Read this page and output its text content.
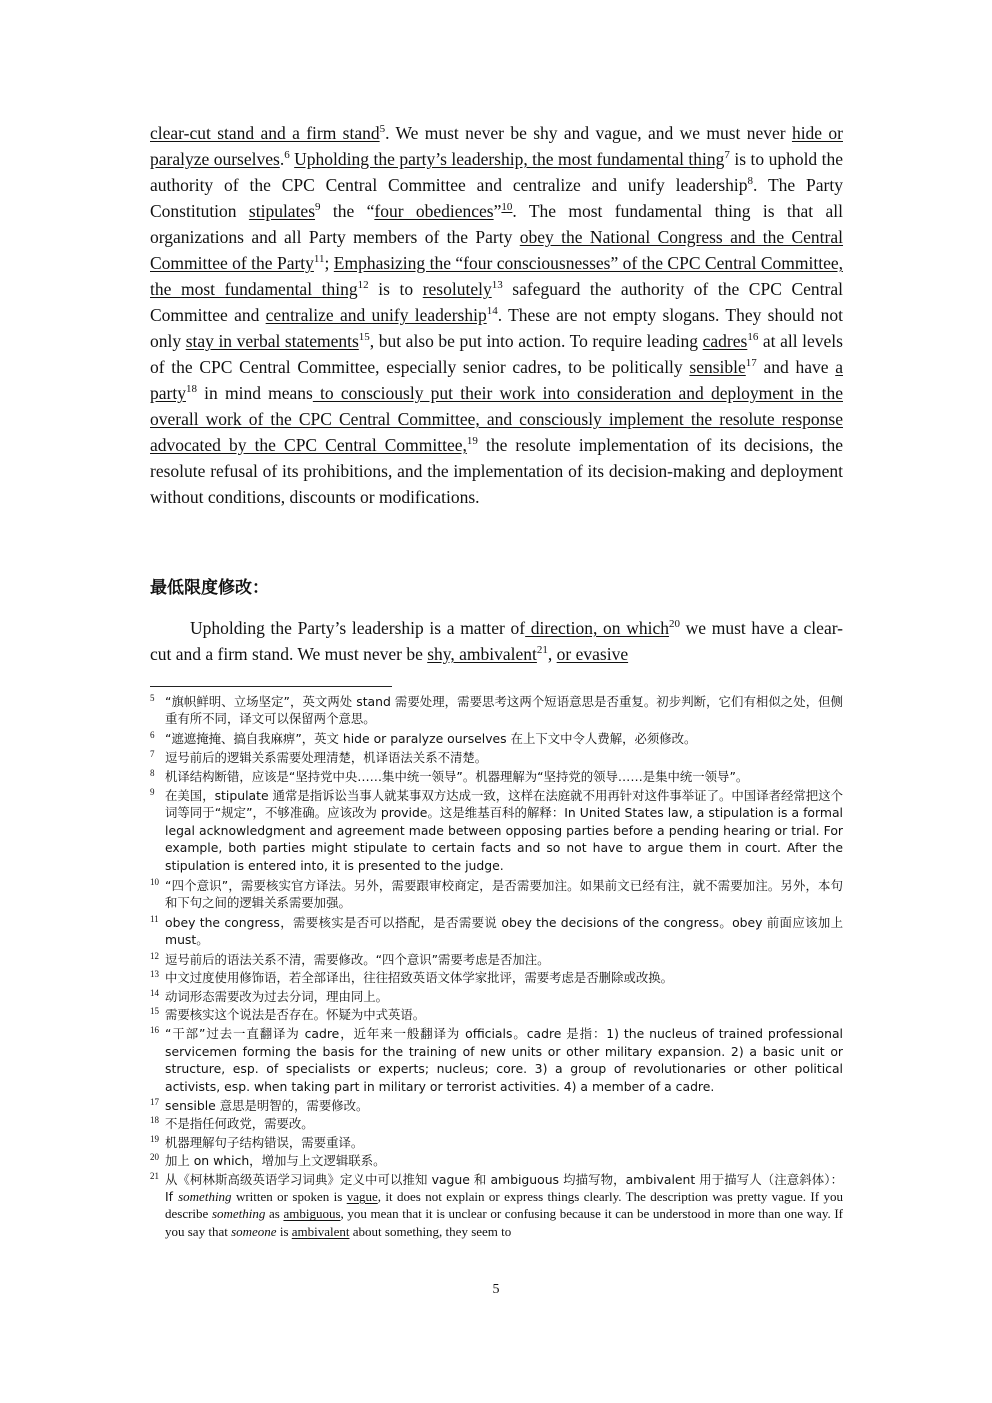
clear-cut stand and a firm stand$^5$. We must never be shy and vague, and we must never hide or paralyze ourselves.$^6$ Upholding the party’s leadership, the most fundamental thing$^7$ is to uphold the authority of the CPC Central Committee and centralize and unify leadership$^8$. The Party Constitution stipulates$^9$ the “four obediences”$^{10}$. The most fundamental thing is that all organizations and all Party members of the Party obey the National Congress and the Central Committee of the Party$^{11}$; Emphasizing the “four consciousnesses” of the CPC Central Committee, the most fundamental thing$^{12}$ is to resolutely$^{13}$ safeguard the authority of the CPC Central Committee and centralize and unify leadership$^{14}$. These are not empty slogans. They should not only stay in verbal statements$^{15}$, but also be put into action. To require leading cadres$^{16}$ at all levels of the CPC Central Committee, especially senior cadres, to be politically sensible$^{17}$ and have a party$^{18}$ in mind means to consciously put their work into consideration and deployment in the overall work of the CPC Central Committee, and consciously implement the resolute response advocated by the CPC Central Committee,$^{19}$ the resolute implementation of its decisions, the resolute refusal of its prohibitions, and the implementation of its decision-making and deployment without conditions, discounts or modifications.
最低限度修改：
Upholding the Party’s leadership is a matter of direction, on which$^{20}$ we must have a clear-cut and a firm stand. We must never be shy, ambivalent$^{21}$, or evasive
5 “旗帜鲜明、立场坚定”，英文两处 stand 需要处理，需要思考这两个短语意思是否重复。初步判断，它们有相似之处，但侧重有所不同，译文可以保留两个意思。
6 “遮遮掩掩、搞自我麻痹”，英文 hide or paralyze ourselves 在上下文中令人费解，必须修改。
7 逗号前后的逻辑关系需要处理清楚，机译语法关系不清楚。
8 机译结构断错，应该是“坚持党中央……集中统一领导”。机器理解为“坚持党的领导……是集中统一领导”。
9 在美国，stipulate 通常是指诉讼当事人就某事双方达成一致，这样在法庭就不用再针对这件事举证了。中国译者经常把这个词等同于“规定”，不够准确。应该改为 provide。这是维基百科的解释：In United States law, a stipulation is a formal legal acknowledgment and agreement made between opposing parties before a pending hearing or trial. For example, both parties might stipulate to certain facts and so not have to argue them in court. After the stipulation is entered into, it is presented to the judge.
10 “四个意识”，需要核实官方译法。另外，需要跟审校商定，是否需要加注。如果前文已经有注，就不需要加注。另外，本句和下句之间的逻辑关系需要加强。
11 obey the congress，需要核实是否可以搭配，是否需要说 obey the decisions of the congress。obey 前面应该加上 must。
12 逗号前后的语法关系不清，需要修改。“四个意识”需要考虑是否加注。
13 中文过度使用修饰语，若全部译出，往往招致英语文体学家批评，需要考虑是否删除或改换。
14 动词形态需要改为过去分词，理由同上。
15 需要核实这个说法是否存在。怀疑为中式英语。
16 “干部”过去一直翻译为 cadre，近年来一般翻译为 officials。cadre 是指：1) the nucleus of trained professional servicemen forming the basis for the training of new units or other military expansion. 2) a basic unit or structure, esp. of specialists or experts; nucleus; core. 3) a group of revolutionaries or other political activists, esp. when taking part in military or terrorist activities. 4) a member of a cadre.
17 sensible 意思是明智的，需要修改。
18 不是指任何政党，需要改。
19 机器理解句子结构错误，需要重译。
20 加上 on which，增加与上文逻辑联系。
21 从《柯林斯高级英语学习词典》定义中可以推知 vague 和 ambiguous 均描写物，ambivalent 用于描写人（注意斜体）：If something written or spoken is vague, it does not explain or express things clearly. The description was pretty vague. If you describe something as ambiguous, you mean that it is unclear or confusing because it can be understood in more than one way. If you say that someone is ambivalent about something, they seem to
5
